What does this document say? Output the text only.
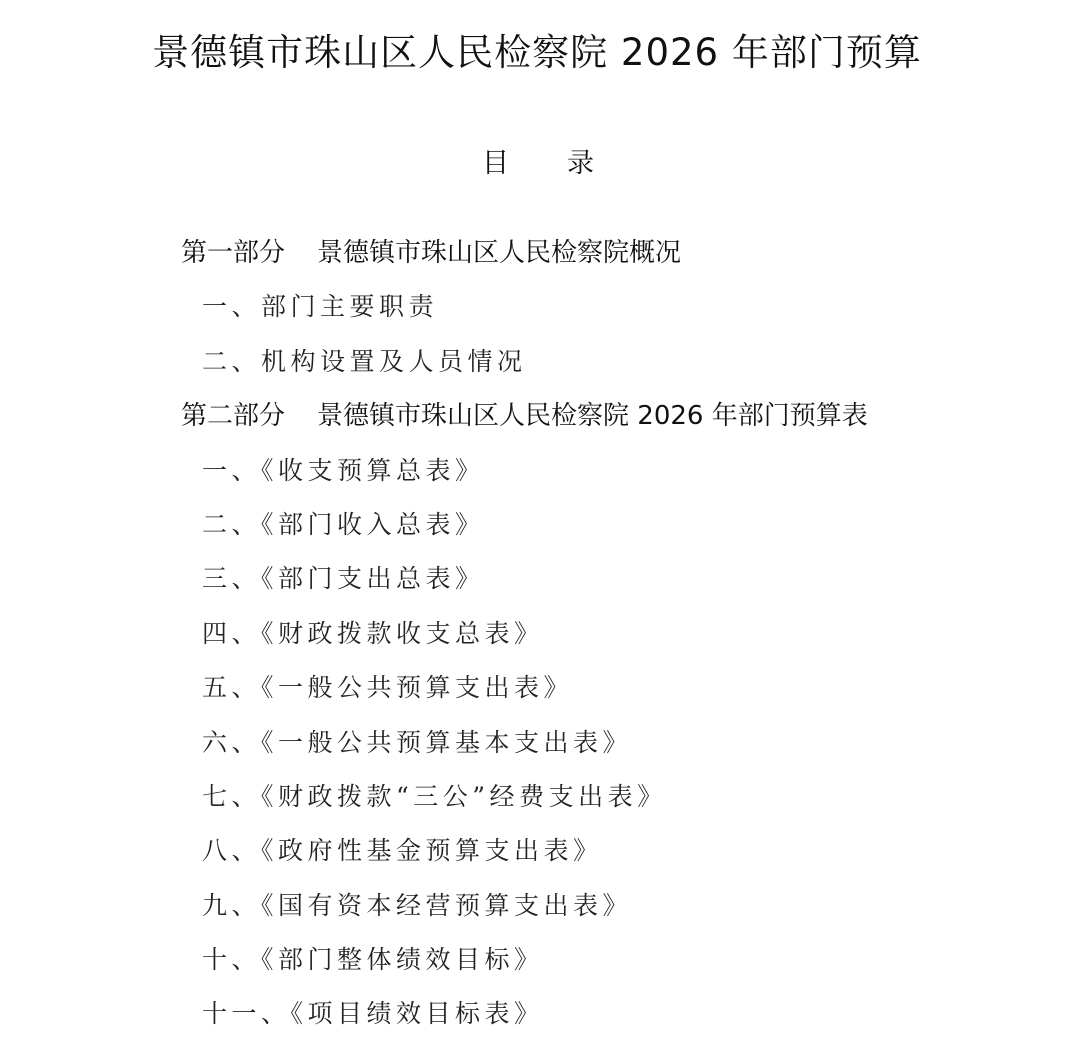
景德镇市珠山区人民检察院 2026 年部门预算
目 录
第一部分 景德镇市珠山区人民检察院概况
一、部门主要职责
二、机构设置及人员情况
第二部分 景德镇市珠山区人民检察院 2026 年部门预算表
一、《收支预算总表》
二、《部门收入总表》
三、《部门支出总表》
四、《财政拨款收支总表》
五、《一般公共预算支出表》
六、《一般公共预算基本支出表》
七、《财政拨款“三公”经费支出表》
八、《政府性基金预算支出表》
九、《国有资本经营预算支出表》
十、《部门整体绩效目标》
十一、《项目绩效目标表》
